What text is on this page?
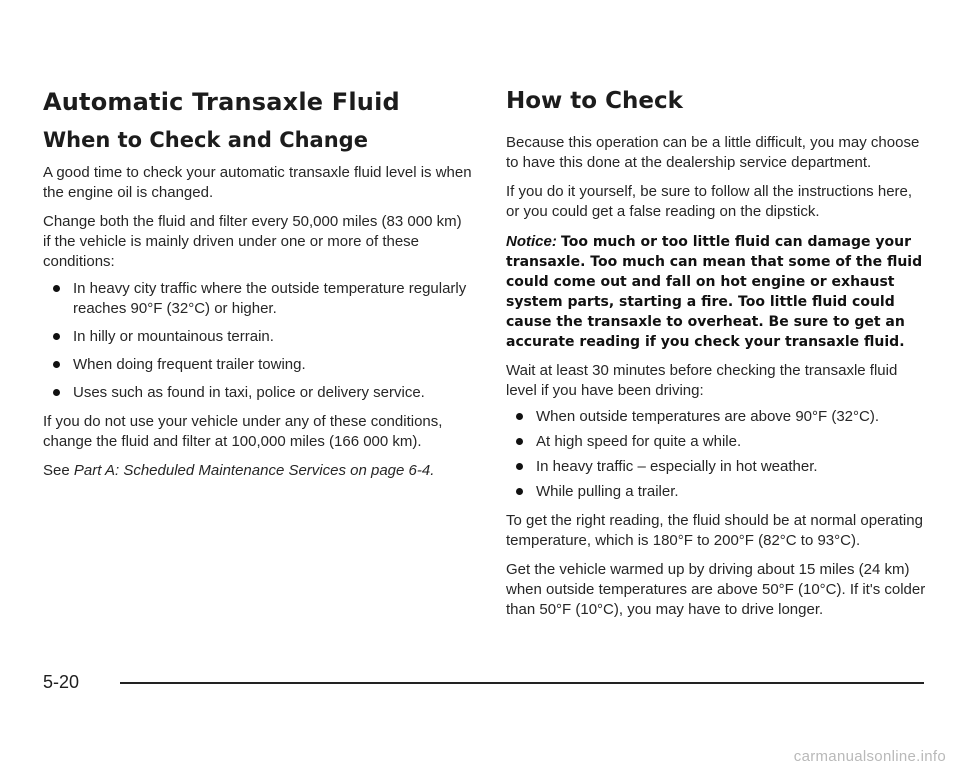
Automatic Transaxle Fluid
When to Check and Change

A good time to check your automatic transaxle fluid level is when the engine oil is changed.

Change both the fluid and filter every 50,000 miles (83 000 km) if the vehicle is mainly driven under one or more of these conditions:

In heavy city traffic where the outside temperature regularly reaches 90°F (32°C) or higher.
In hilly or mountainous terrain.
When doing frequent trailer towing.
Uses such as found in taxi, police or delivery service.

If you do not use your vehicle under any of these conditions, change the fluid and filter at 100,000 miles (166 000 km).

See Part A: Scheduled Maintenance Services on page 6-4.

How to Check

Because this operation can be a little difficult, you may choose to have this done at the dealership service department.

If you do it yourself, be sure to follow all the instructions here, or you could get a false reading on the dipstick.

Notice: Too much or too little fluid can damage your transaxle. Too much can mean that some of the fluid could come out and fall on hot engine or exhaust system parts, starting a fire. Too little fluid could cause the transaxle to overheat. Be sure to get an accurate reading if you check your transaxle fluid.

Wait at least 30 minutes before checking the transaxle fluid level if you have been driving:

When outside temperatures are above 90°F (32°C).
At high speed for quite a while.
In heavy traffic – especially in hot weather.
While pulling a trailer.

To get the right reading, the fluid should be at normal operating temperature, which is 180°F to 200°F (82°C to 93°C).

Get the vehicle warmed up by driving about 15 miles (24 km) when outside temperatures are above 50°F (10°C). If it's colder than 50°F (10°C), you may have to drive longer.

5-20
carmanualsonline.info
